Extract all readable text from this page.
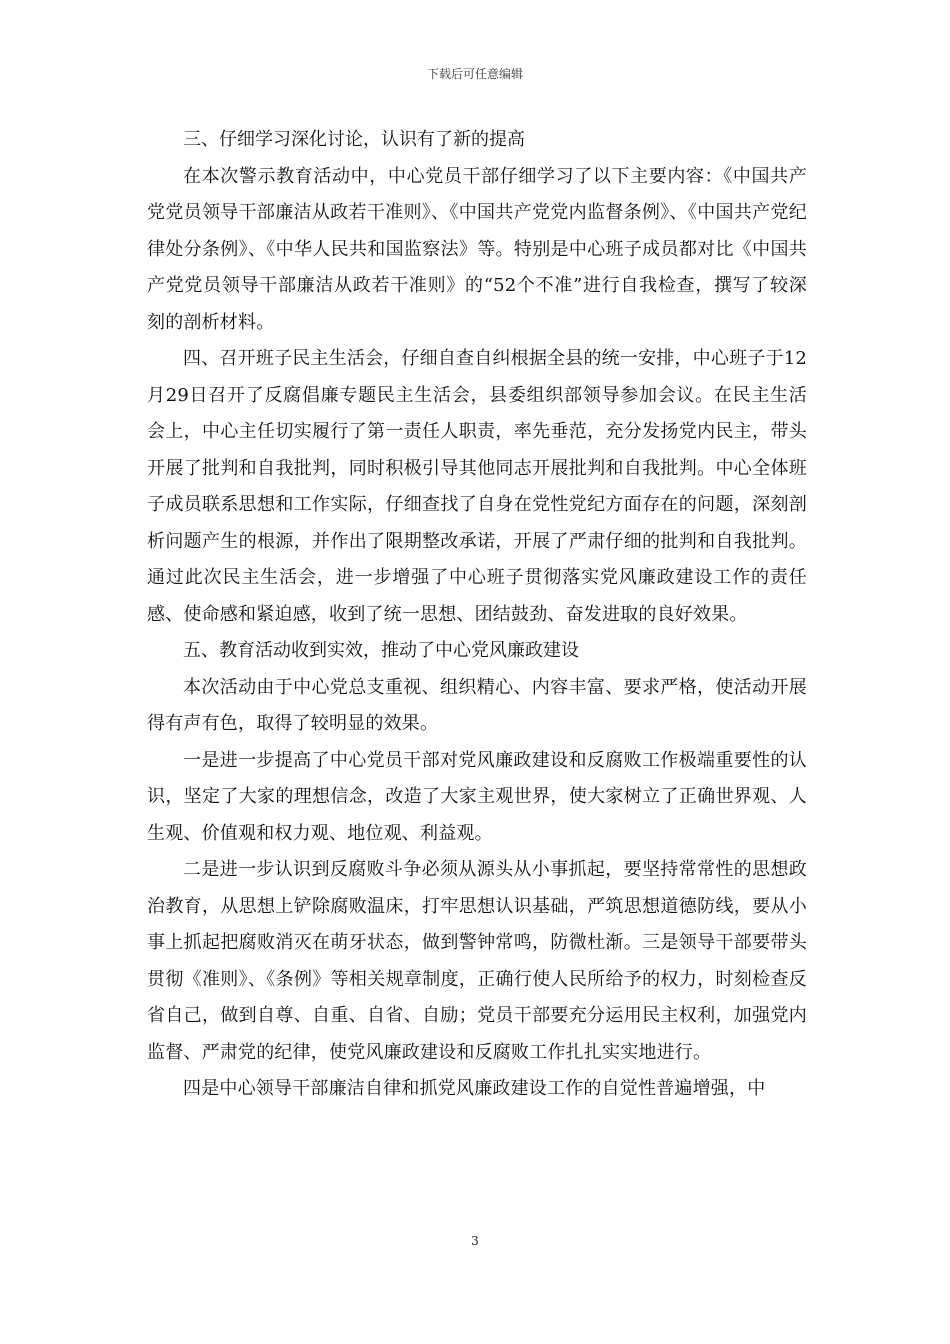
下载后可任意编辑

三、仔细学习深化讨论，认识有了新的提高

在本次警示教育活动中，中心党员干部仔细学习了以下主要内容：《中国共产党党员领导干部廉洁从政若干准则》、《中国共产党党内监督条例》、《中国共产党纪律处分条例》、《中华人民共和国监察法》等。特别是中心班子成员都对比《中国共产党党员领导干部廉洁从政若干准则》的“52个不准”进行自我检查，撰写了较深刻的剖析材料。

四、召开班子民主生活会，仔细自查自纠根据全县的统一安排，中心班子于12月29日召开了反腐倡廉专题民主生活会，县委组织部领导参加会议。在民主生活会上，中心主任切实履行了第一责任人职责，率先垂范，充分发扬党内民主，带头开展了批判和自我批判，同时积极引导其他同志开展批判和自我批判。中心全体班子成员联系思想和工作实际，仔细查找了自身在党性党纪方面存在的问题，深刻剖析问题产生的根源，并作出了限期整改承诺，开展了严肃仔细的批判和自我批判。通过此次民主生活会，进一步增强了中心班子贯彻落实党风廉政建设工作的责任感、使命感和紧迫感，收到了统一思想、团结鼓劲、奋发进取的良好效果。

五、教育活动收到实效，推动了中心党风廉政建设

本次活动由于中心党总支重视、组织精心、内容丰富、要求严格，使活动开展得有声有色，取得了较明显的效果。

一是进一步提高了中心党员干部对党风廉政建设和反腐败工作极端重要性的认识，坚定了大家的理想信念，改造了大家主观世界，使大家树立了正确世界观、人生观、价值观和权力观、地位观、利益观。

二是进一步认识到反腐败斗争必须从源头从小事抓起，要坚持常常性的思想政治教育，从思想上铲除腐败温床，打牢思想认识基础，严筑思想道德防线，要从小事上抓起把腐败消灭在萌牙状态，做到警钟常鸣，防微杜渐。三是领导干部要带头贯彻《准则》、《条例》等相关规章制度，正确行使人民所给予的权力，时刻检查反省自己，做到自尊、自重、自省、自励；党员干部要充分运用民主权利，加强党内监督、严肃党的纪律，使党风廉政建设和反腐败工作扎扎实实地进行。

四是中心领导干部廉洁自律和抓党风廉政建设工作的自觉性普遍增强，中

3
